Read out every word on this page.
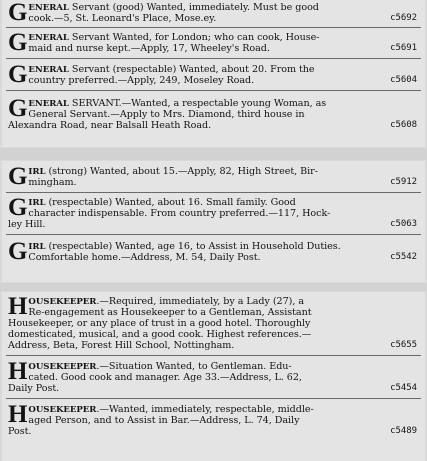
G ENERAL Servant (good) Wanted, immediately. Must be good
cook.—5, St. Leonard's Place, Mose.ey.	c5692
G ENERAL Servant Wanted, for London; who can cook, House-
maid and nurse kept.—Apply, 17, Wheeley's Road.	c5691
G ENERAL Servant (respectable) Wanted, about 20. From the
country preferred.—Apply, 249, Moseley Road.	c5604
G ENERAL SERVANT.—Wanted, a respectable young Woman, as
General Servant.—Apply to Mrs. Diamond, third house in
Alexandra Road, near Balsall Heath Road.	c5608
G IRL (strong) Wanted, about 15.—Apply, 82, High Street, Bir-
mingham.	c5912
G IRL (respectable) Wanted, about 16. Small family. Good
character indispensable. From country preferred.—117, Hock-
ley Hill.	c5063
G IRL (respectable) Wanted, age 16, to Assist in Household Duties.
Comfortable home.—Address, M. 54, Daily Post.	c5542
H OUSEKEEPER.—Required, immediately, by a Lady (27), a
Re-engagement as Housekeeper to a Gentleman, Assistant
Housekeeper, or any place of trust in a good hotel. Thoroughly
domesticated, musical, and a good cook. Highest references.—
Address, Beta, Forest Hill School, Nottingham.	c5655
H OUSEKEEPER.—Situation Wanted, to Gentleman. Edu-
cated. Good cook and manager. Age 33.—Address, L. 62,
Daily Post.	c5454
H OUSEKEEPER.—Wanted, immediately, respectable, middle-
aged Person, and to Assist in Bar.—Address, L. 74, Daily
Post.	c5489
